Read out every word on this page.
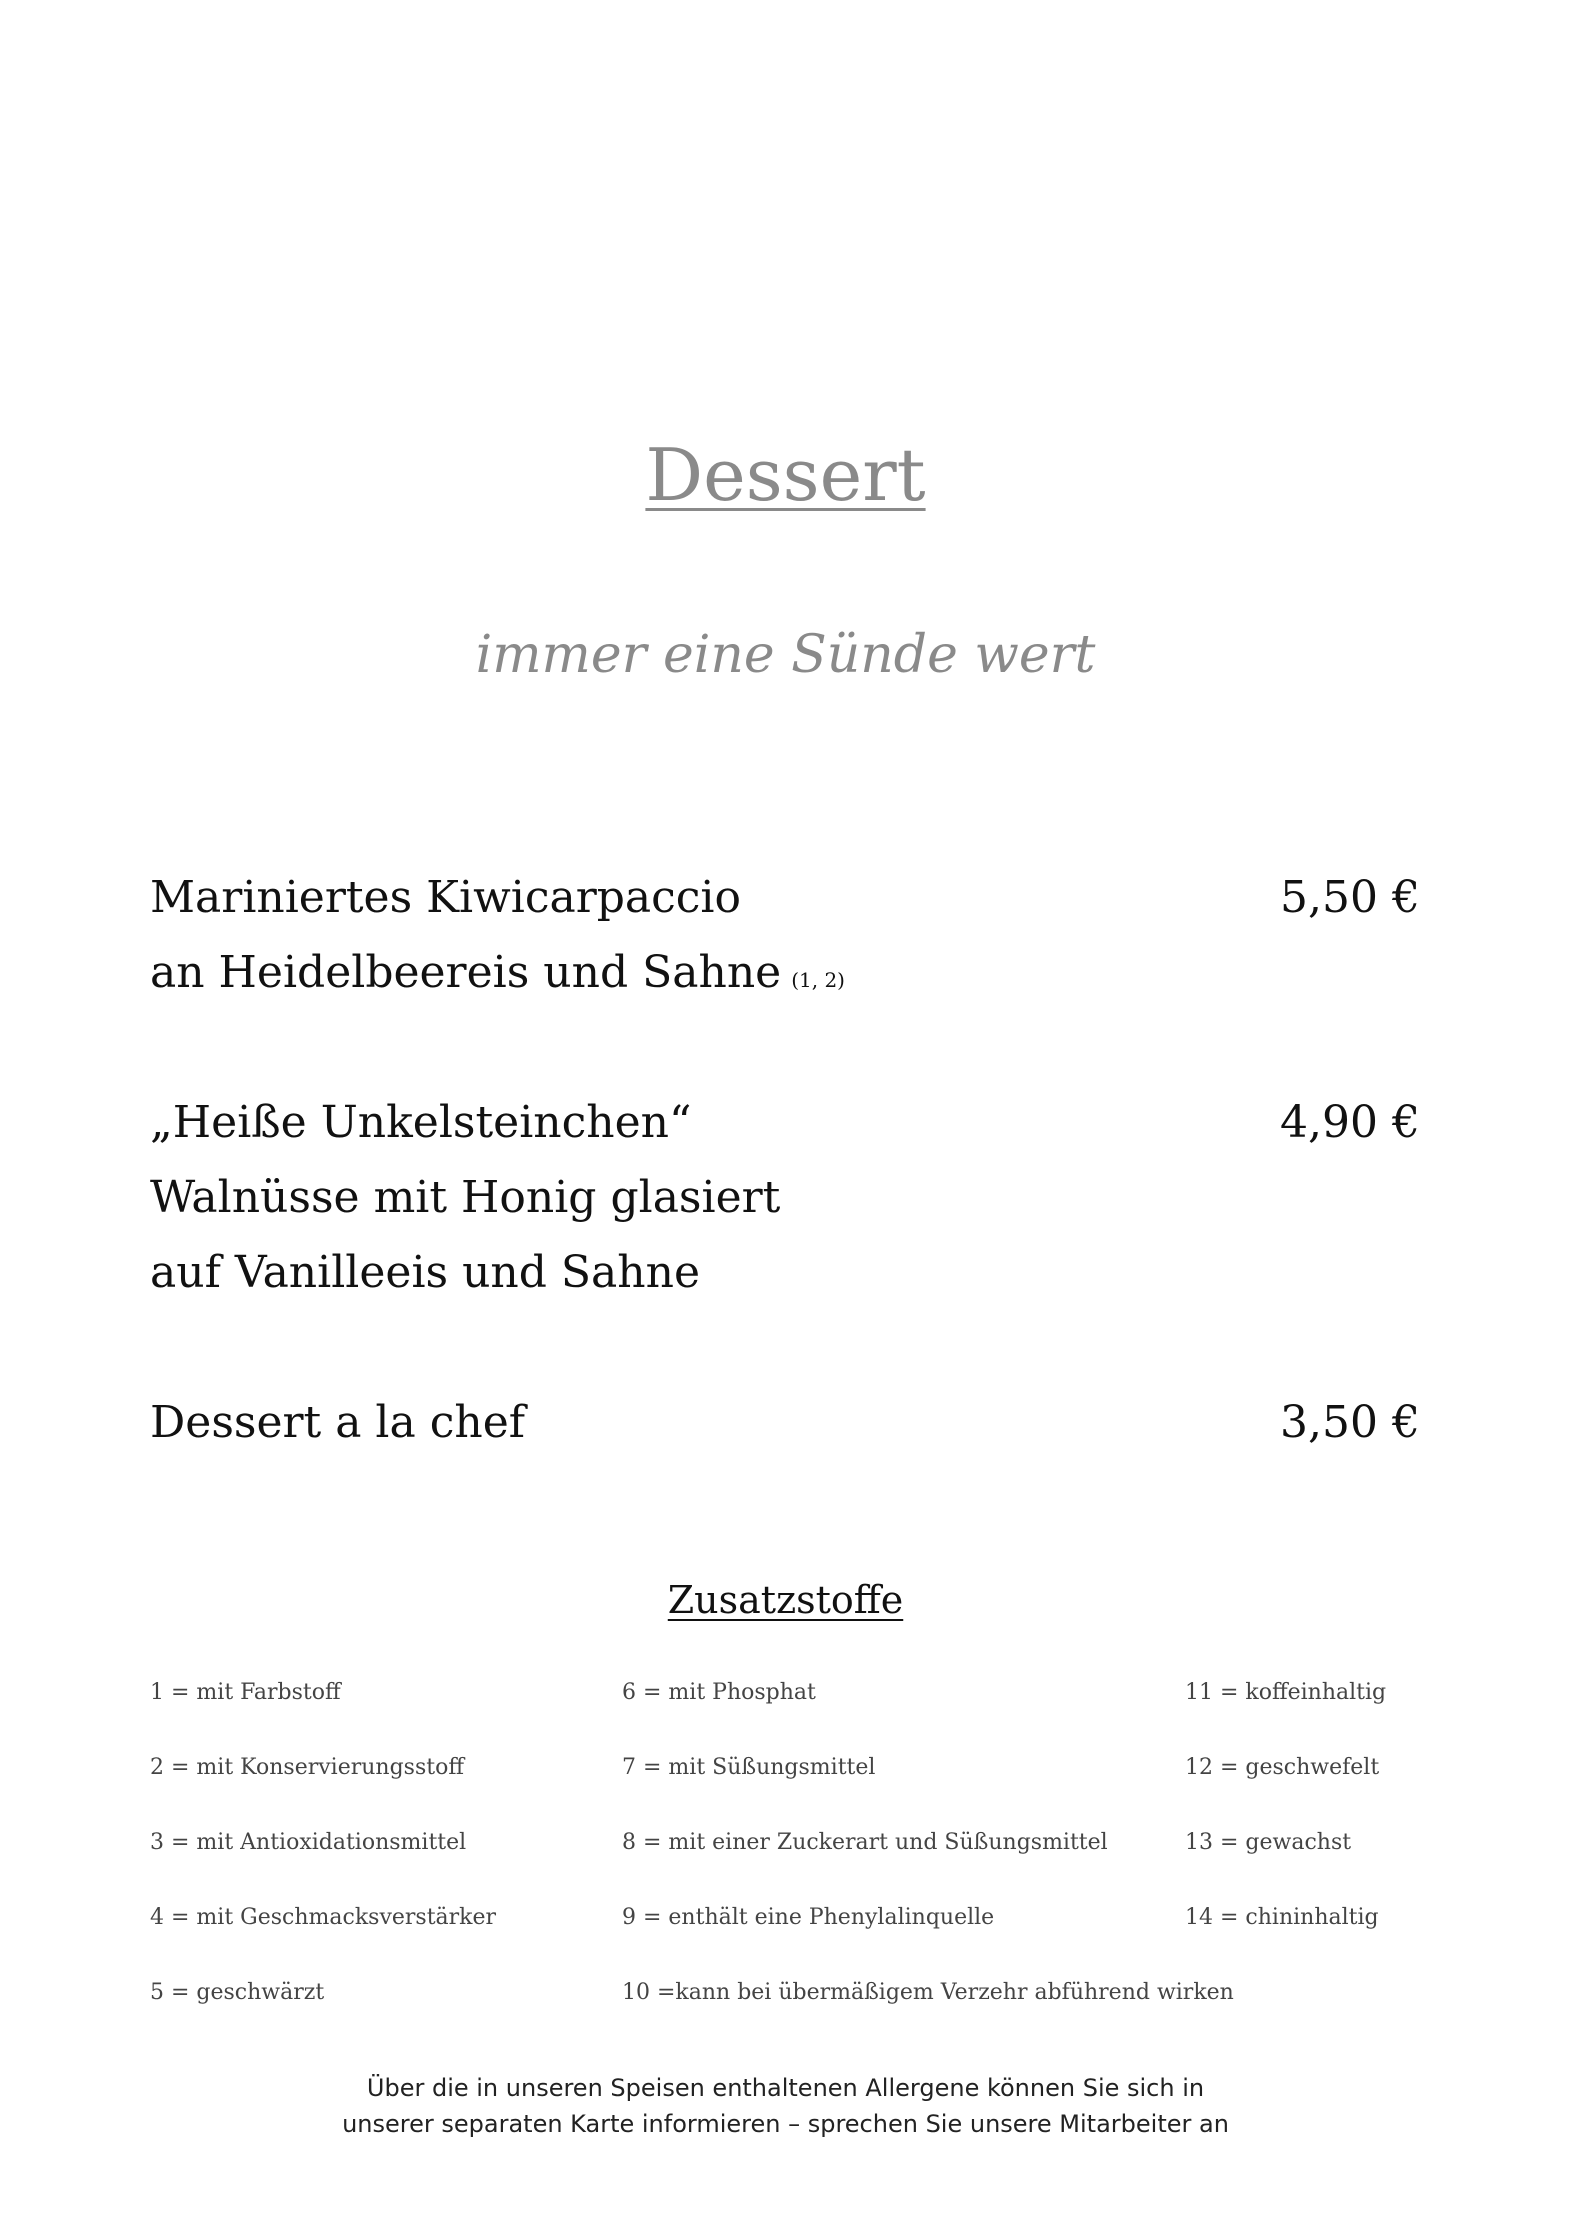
Dessert
immer eine Sünde wert
Mariniertes Kiwicarpaccio
an Heidelbeereis und Sahne (1, 2)
5,50 €
„Heiße Unkelsteinchen“
Walnüsse mit Honig glasiert
auf Vanilleeis und Sahne
4,90 €
Dessert a la chef	3,50 €
Zusatzstoffe
1 = mit Farbstoff
2 = mit Konservierungsstoff
3 = mit Antioxidationsmittel
4 = mit Geschmacksverstärker
5 = geschwärzt
6 = mit Phosphat
7 = mit Süßungsmittel
8 = mit einer Zuckerart und Süßungsmittel
9 = enthält eine Phenylalinquelle
10 =kann bei übermäßigem Verzehr abführend wirken
11 = koffeinhaltig
12 = geschwefelt
13 = gewachst
14 = chininhaltig
Über die in unseren Speisen enthaltenen Allergene können Sie sich in
unserer separaten Karte informieren – sprechen Sie unsere Mitarbeiter an
